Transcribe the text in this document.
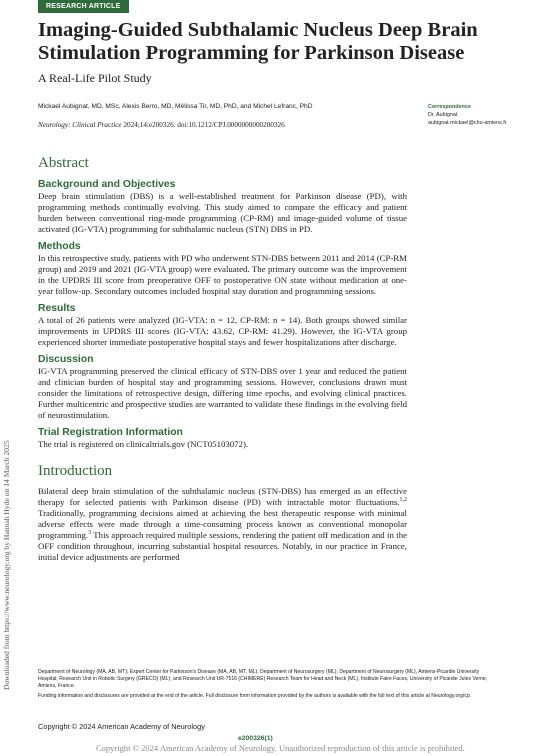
RESEARCH ARTICLE
Imaging-Guided Subthalamic Nucleus Deep Brain Stimulation Programming for Parkinson Disease
A Real-Life Pilot Study
Mickael Aubignat, MD, MSc, Alexis Berro, MD, Mélissa Tir, MD, PhD, and Michel Lefranc, PhD
Neurology: Clinical Practice 2024;14:e200326. doi:10.1212/CPJ.0000000000200326
Correspondence
Dr. Aubignat
aubignat.mickael@chu-amiens.fr
Abstract
Background and Objectives

Deep brain stimulation (DBS) is a well-established treatment for Parkinson disease (PD), with programming methods continually evolving. This study aimed to compare the efficacy and patient burden between conventional ring-mode programming (CP-RM) and image-guided volume of tissue activated (IG-VTA) programming for subthalamic nucleus (STN) DBS in PD.

Methods

In this retrospective study, patients with PD who underwent STN-DBS between 2011 and 2014 (CP-RM group) and 2019 and 2021 (IG-VTA group) were evaluated. The primary outcome was the improvement in the UPDRS III score from preoperative OFF to postoperative ON state without medication at one-year follow-up. Secondary outcomes included hospital stay duration and programming sessions.

Results

A total of 26 patients were analyzed (IG-VTA: n = 12, CP-RM: n = 14). Both groups showed similar improvements in UPDRS III scores (IG-VTA: 43.62, CP-RM: 41.29). However, the IG-VTA group experienced shorter immediate postoperative hospital stays and fewer hospitalizations after discharge.

Discussion

IG-VTA programming preserved the clinical efficacy of STN-DBS over 1 year and reduced the patient and clinician burden of hospital stay and programming sessions. However, conclusions drawn must consider the limitations of retrospective design, differing time epochs, and evolving clinical practices. Further multicentric and prospective studies are warranted to validate these findings in the evolving field of neurostimulation.

Trial Registration Information

The trial is registered on clinicaltrials.gov (NCT05103072).

Introduction

Bilateral deep brain stimulation of the subthalamic nucleus (STN-DBS) has emerged as an effective therapy for selected patients with Parkinson disease (PD) with intractable motor fluctuations.$^{1,2}$ Traditionally, programming decisions aimed at achieving the best therapeutic response with minimal adverse effects were made through a time-consuming process known as conventional monopolar programming.$^3$ This approach required multiple sessions, rendering the patient off medication and in the OFF condition throughout, incurring substantial hospital resources. Notably, in our practice in France, initial device adjustments are performed

Department of Neurology (MA, AB, MT); Expert Center for Parkinson's Disease (MA, AB, MT, ML); Department of Neurosurgery (ML); Department of Neurosurgery (ML), Amiens-Picardie University Hospital; Research Unit in Robotic Surgery (GRECO) (ML); and Research Unit UR-7516 (CHIMERE) Research Team for Head and Neck (ML), Institute Faire Faces, University of Picardie Jules Verne, Amiens, France.

Funding information and disclosures are provided at the end of the article. Full disclosure form information provided by the authors is available with the full text of this article at Neurology.org/cp.

Copyright © 2024 American Academy of Neurology
e200326(1)
Copyright © 2024 American Academy of Neurology. Unauthorized reproduction of this article is prohibited.
Downloaded from https://www.neurology.org by Hannah Hyde on 14 March 2025
